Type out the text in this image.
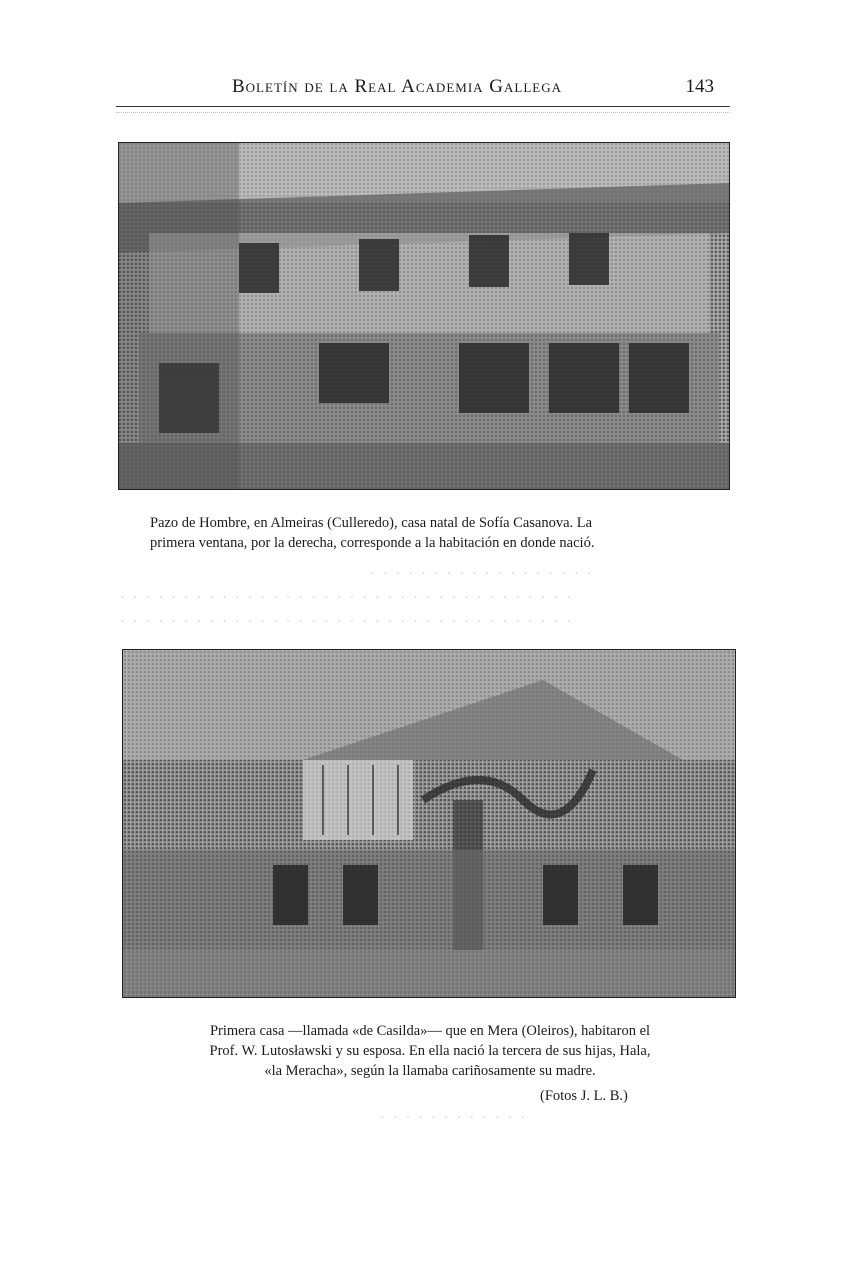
Boletín de la Real Academia Gallega	143
Pazo de Hombre, en Almeiras (Culleredo), casa natal de Sofía Casanova. La
primera ventana, por la derecha, corresponde a la habitación en donde nació.
· · · · · · · · · · · · · · · · · ·
· · · · · · · · · · · · · · · · · · · · · · · · · · · · · · · · · · · ·
· · · · · · · · · · · · · · · · · · · · · · · · · · · · · · · · · · · ·
Primera casa —llamada «de Casilda»— que en Mera (Oleiros), habitaron el
Prof. W. Lutosławski y su esposa. En ella nació la tercera de sus hijas, Hala,
«la Meracha», según la llamaba cariñosamente su madre.
(Fotos J. L. B.)
· · · · · · · · · · · ·
